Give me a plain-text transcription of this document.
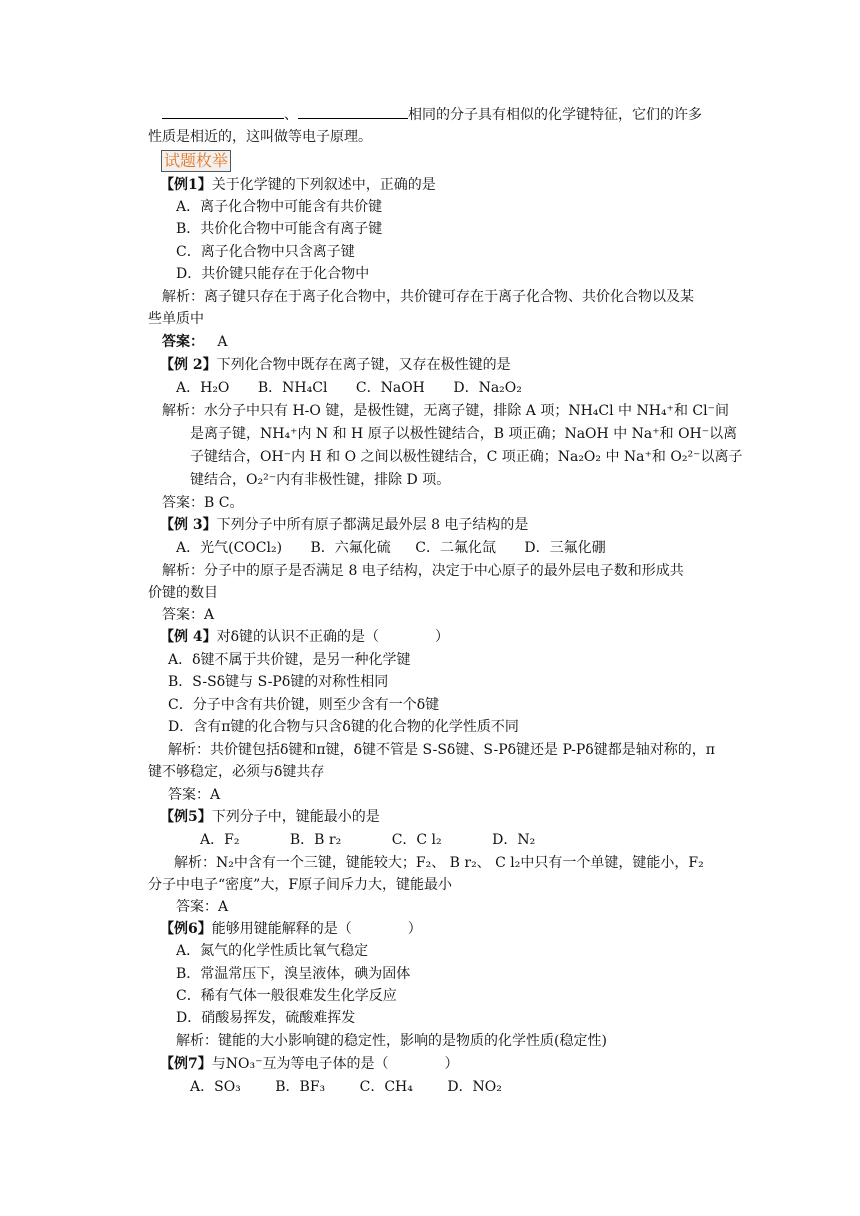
、	相同的分子具有相似的化学键特征，它们的许多
性质是相近的，这叫做等电子原理。
试题枚举
【例1】关于化学键的下列叙述中，正确的是
A．离子化合物中可能含有共价键
B．共价化合物中可能含有离子键
C．离子化合物中只含离子键
D．共价键只能存在于化合物中
解析：离子键只存在于离子化合物中，共价键可存在于离子化合物、共价化合物以及某
些单质中
答案： A
【例 2】下列化合物中既存在离子键，又存在极性键的是
A．H₂O B．NH₄Cl C．NaOH D．Na₂O₂
解析：水分子中只有 H-O 键，是极性键，无离子键，排除 A 项；NH₄Cl 中 NH₄⁺和 Cl⁻间
是离子键，NH₄⁺内 N 和 H 原子以极性键结合，B 项正确；NaOH 中 Na⁺和 OH⁻以离
子键结合，OH⁻内 H 和 O 之间以极性键结合，C 项正确；Na₂O₂ 中 Na⁺和 O₂²⁻以离子
键结合，O₂²⁻内有非极性键，排除 D 项。
答案：B C。
【例 3】下列分子中所有原子都满足最外层 8 电子结构的是
A．光气(COCl₂) B．六氟化硫 C．二氟化氙 D．三氟化硼
解析：分子中的原子是否满足 8 电子结构，决定于中心原子的最外层电子数和形成共
价键的数目
答案：A
【例 4】对δ键的认识不正确的是（　　　　）
A．δ键不属于共价键，是另一种化学键
B．S-Sδ键与 S-Pδ键的对称性相同
C．分子中含有共价键，则至少含有一个δ键
D．含有π键的化合物与只含δ键的化合物的化学性质不同
解析：共价键包括δ键和π键，δ键不管是 S-Sδ键、S-Pδ键还是 P-Pδ键都是轴对称的，π
键不够稳定，必须与δ键共存
答案：A
【例5】下列分子中，键能最小的是
A．F₂	B．B r₂	C．C l₂	D．N₂
解析：N₂中含有一个三键，键能较大；F₂、 B r₂、 C l₂中只有一个单键，键能小，F₂
分子中电子“密度”大，F原子间斥力大，键能最小
答案：A
【例6】能够用键能解释的是（　　　　）
A．氮气的化学性质比氧气稳定
B．常温常压下，溴呈液体，碘为固体
C．稀有气体一般很难发生化学反应
D．硝酸易挥发，硫酸难挥发
解析：键能的大小影响键的稳定性，影响的是物质的化学性质(稳定性)
【例7】与NO₃⁻互为等电子体的是（　　　　）
A．SO₃ B．BF₃ C．CH₄ D．NO₂
